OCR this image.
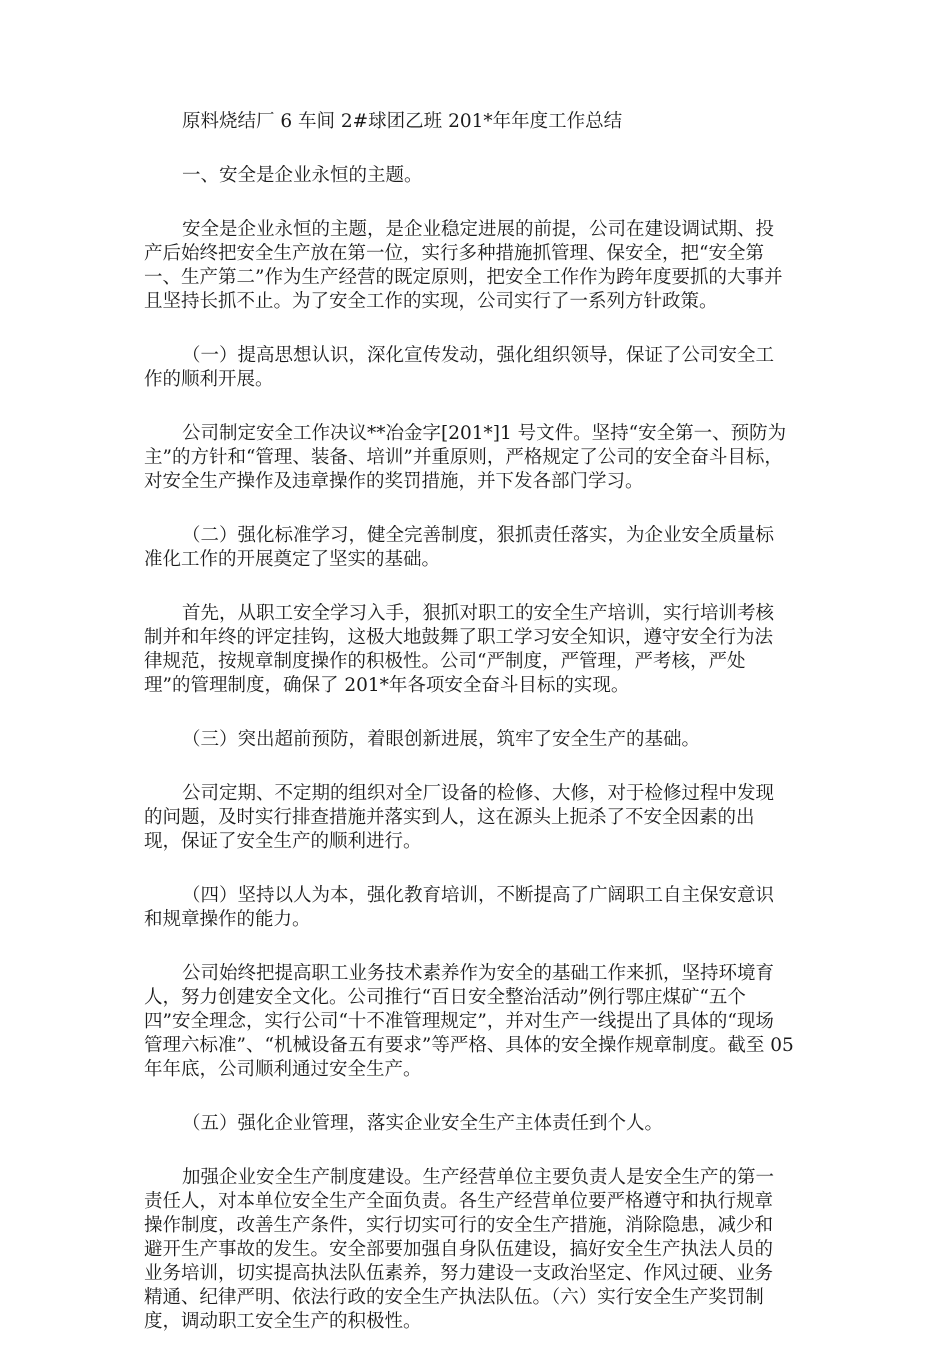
原料烧结厂 6 车间 2#球团乙班 201*年年度工作总结
一、安全是企业永恒的主题。
安全是企业永恒的主题，是企业稳定进展的前提，公司在建设调试期、投
产后始终把安全生产放在第一位，实行多种措施抓管理、保安全，把“安全第
一、生产第二”作为生产经营的既定原则，把安全工作作为跨年度要抓的大事并
且坚持长抓不止。为了安全工作的实现，公司实行了一系列方针政策。
（一）提高思想认识，深化宣传发动，强化组织领导，保证了公司安全工
作的顺利开展。
公司制定安全工作决议**冶金字[201*]1 号文件。坚持“安全第一、预防为
主”的方针和“管理、装备、培训”并重原则，严格规定了公司的安全奋斗目标，
对安全生产操作及违章操作的奖罚措施，并下发各部门学习。
（二）强化标准学习，健全完善制度，狠抓责任落实，为企业安全质量标
准化工作的开展奠定了坚实的基础。
首先，从职工安全学习入手，狠抓对职工的安全生产培训，实行培训考核
制并和年终的评定挂钩，这极大地鼓舞了职工学习安全知识，遵守安全行为法
律规范，按规章制度操作的积极性。公司“严制度，严管理，严考核，严处
理”的管理制度，确保了 201*年各项安全奋斗目标的实现。
（三）突出超前预防，着眼创新进展，筑牢了安全生产的基础。
公司定期、不定期的组织对全厂设备的检修、大修，对于检修过程中发现
的问题，及时实行排查措施并落实到人，这在源头上扼杀了不安全因素的出
现，保证了安全生产的顺利进行。
（四）坚持以人为本，强化教育培训，不断提高了广阔职工自主保安意识
和规章操作的能力。
公司始终把提高职工业务技术素养作为安全的基础工作来抓，坚持环境育
人，努力创建安全文化。公司推行“百日安全整治活动”例行鄂庄煤矿“五个
四”安全理念，实行公司“十不准管理规定”，并对生产一线提出了具体的“现场
管理六标准”、“机械设备五有要求”等严格、具体的安全操作规章制度。截至 05
年年底，公司顺利通过安全生产。
（五）强化企业管理，落实企业安全生产主体责任到个人。
加强企业安全生产制度建设。生产经营单位主要负责人是安全生产的第一
责任人，对本单位安全生产全面负责。各生产经营单位要严格遵守和执行规章
操作制度，改善生产条件，实行切实可行的安全生产措施，消除隐患，减少和
避开生产事故的发生。安全部要加强自身队伍建设，搞好安全生产执法人员的
业务培训，切实提高执法队伍素养，努力建设一支政治坚定、作风过硬、业务
精通、纪律严明、依法行政的安全生产执法队伍。（六）实行安全生产奖罚制
度，调动职工安全生产的积极性。
